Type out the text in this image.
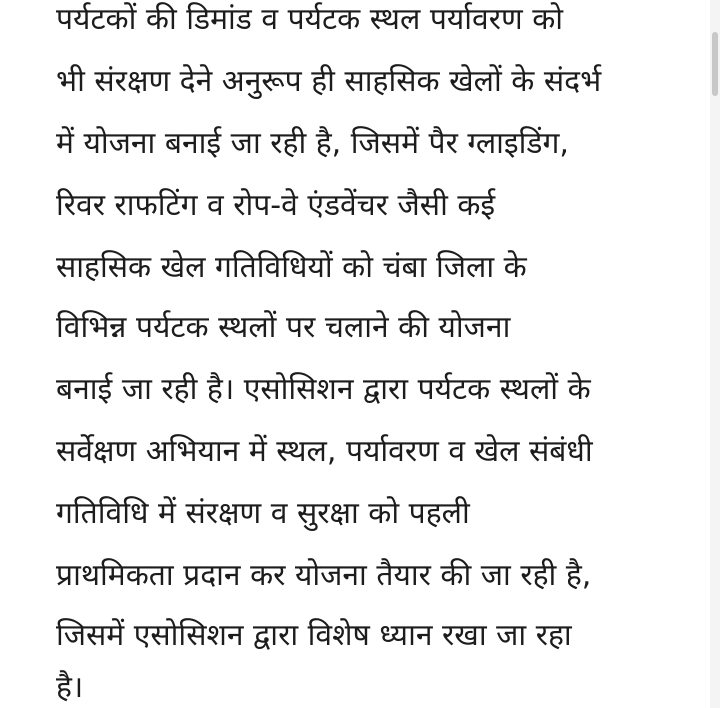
पर्यटकों की डिमांड व पर्यटक स्थल पर्यावरण को
भी संरक्षण देने अनुरूप ही साहसिक खेलों के संदर्भ
में योजना बनाई जा रही है, जिसमें पैर ग्लाइडिंग,
रिवर राफटिंग व रोप-वे एंडवेंचर जैसी कई
साहसिक खेल गतिविधियों को चंबा जिला के
विभिन्न पर्यटक स्थलों पर चलाने की योजना
बनाई जा रही है। एसोसिशन द्वारा पर्यटक स्थलों के
सर्वेक्षण अभियान में स्थल, पर्यावरण व खेल संबंधी
गतिविधि में संरक्षण व सुरक्षा को पहली
प्राथमिकता प्रदान कर योजना तैयार की जा रही है,
जिसमें एसोसिशन द्वारा विशेष ध्यान रखा जा रहा
है।
